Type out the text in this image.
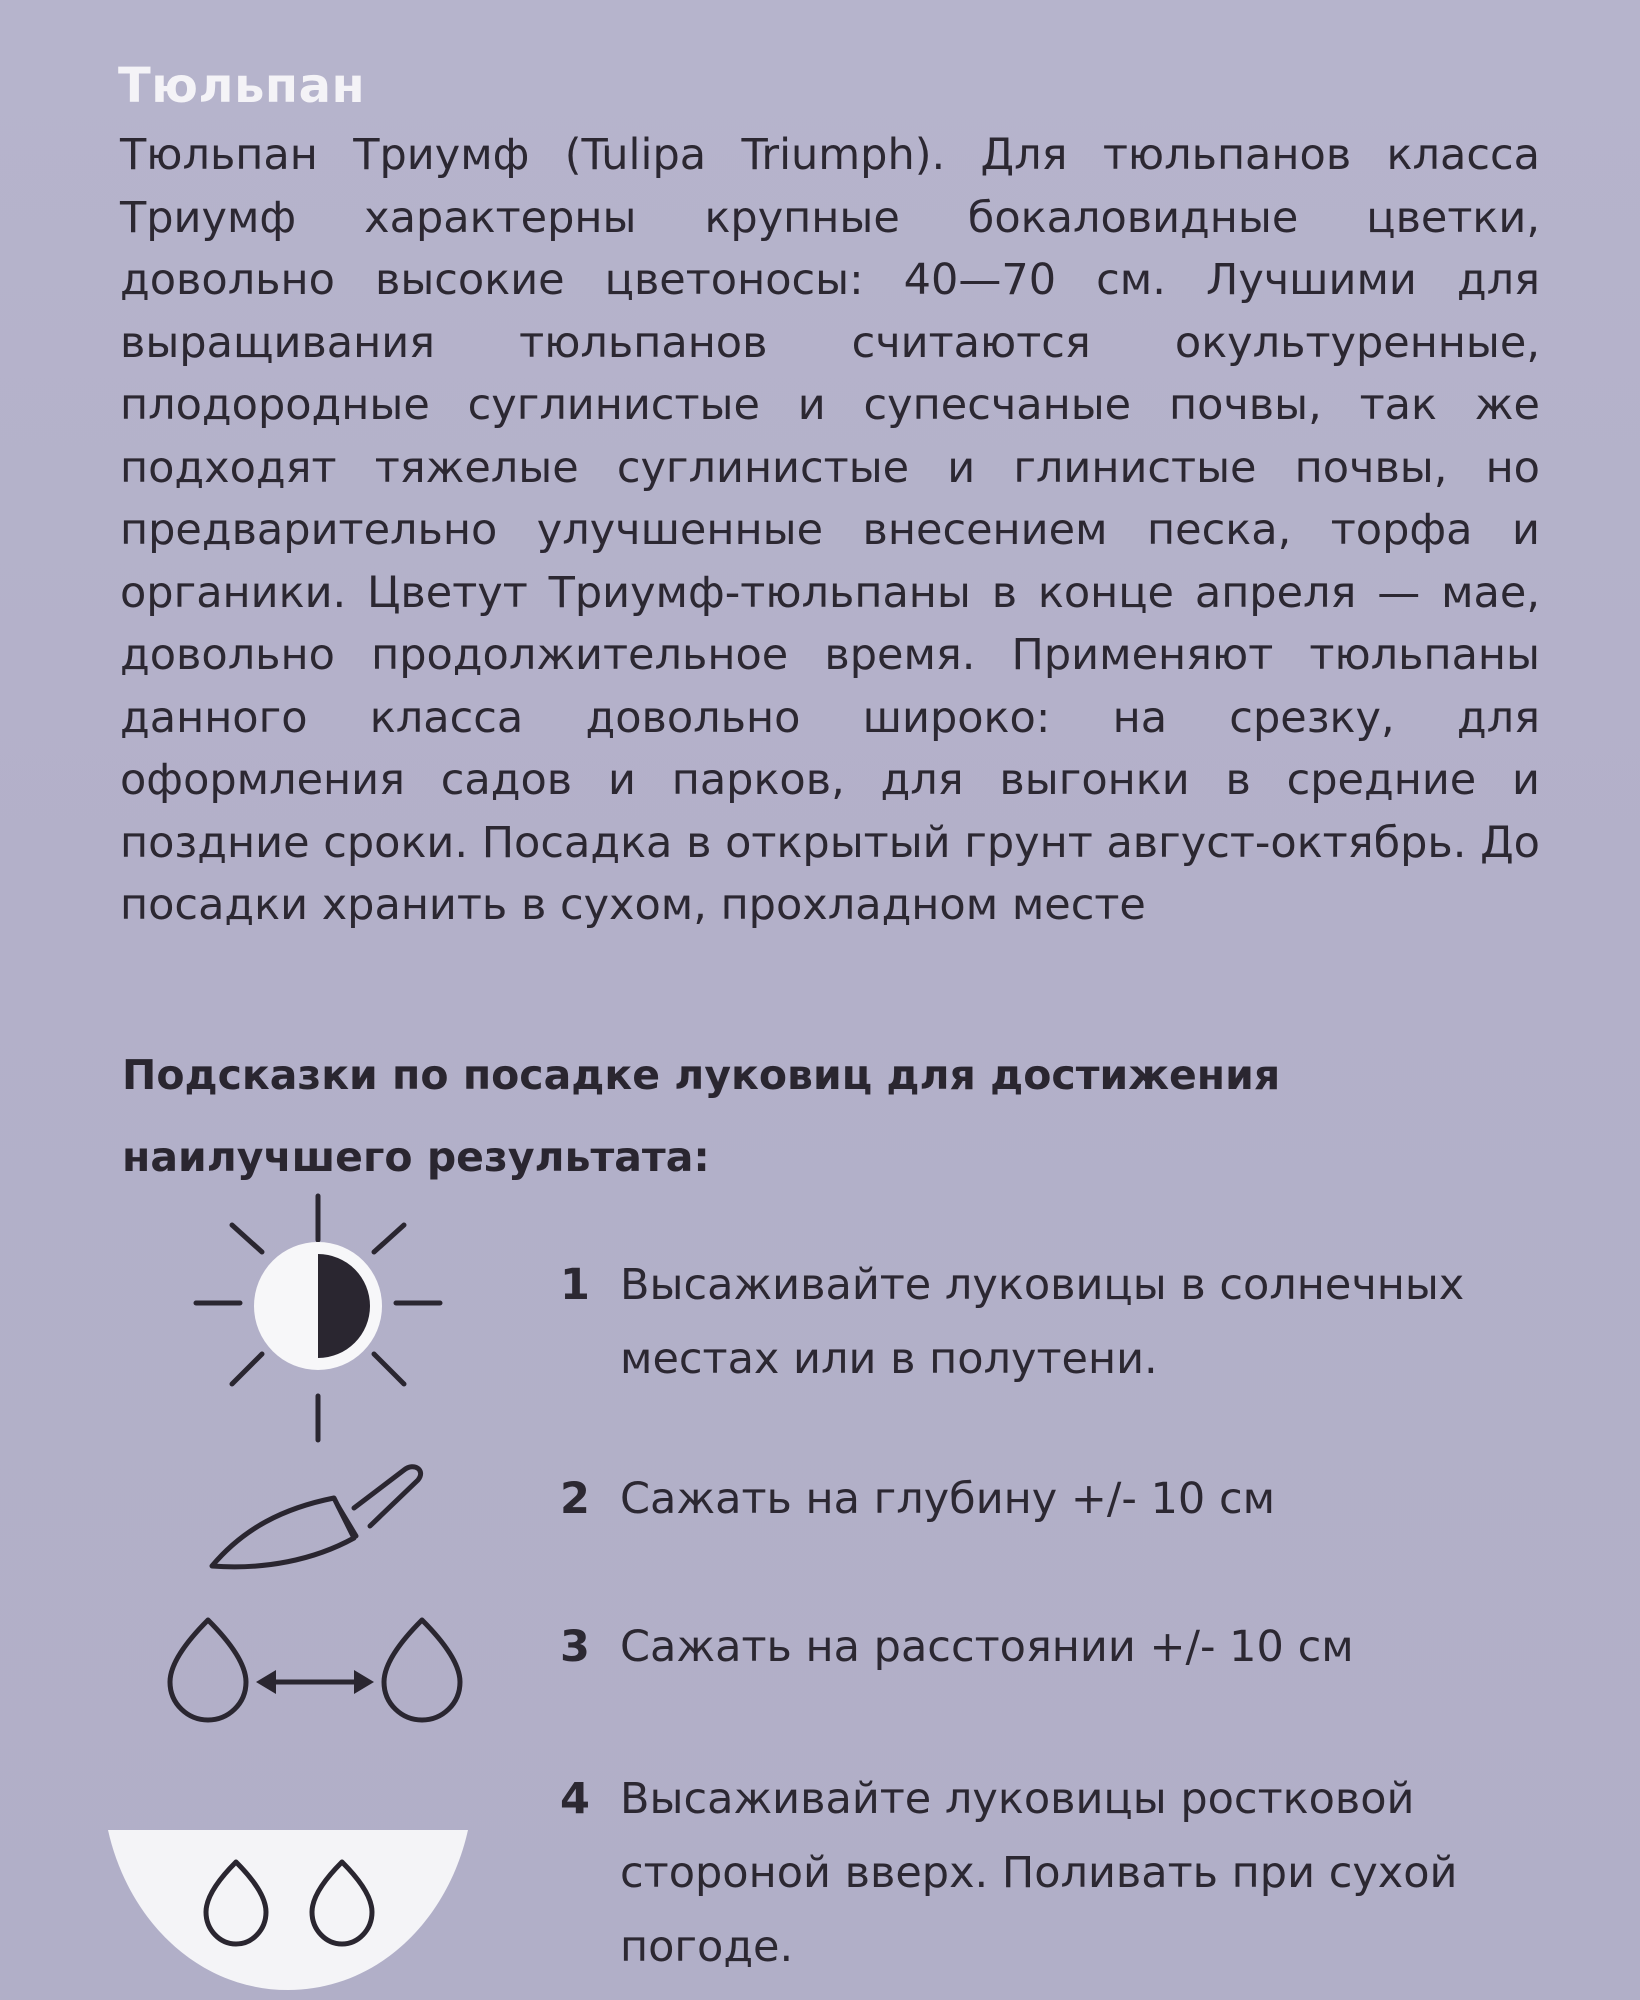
Тюльпан
Тюльпан Триумф (Tulipa Triumph). Для тюльпанов класса Триумф характерны крупные бокаловидные цветки, довольно высокие цветоносы: 40—70 см. Лучшими для выращивания тюльпанов считаются окультуренные, плодородные суглинистые и супесчаные почвы, так же подходят тяжелые суглинистые и глинистые почвы, но предварительно улучшенные внесением песка, торфа и органики. Цветут Триумф-тюльпаны в конце апреля — мае, довольно продолжительное время. Применяют тюльпаны данного класса довольно широко: на срезку, для оформления садов и парков, для выгонки в средние и поздние сроки. Посадка в открытый грунт август-октябрь. До посадки хранить в сухом, прохладном месте
Подсказки по посадке луковиц для достижения наилучшего результата:
1 Высаживайте луковицы в солнечных местах или в полутени.
2 Сажать на глубину +/- 10 см
3 Сажать на расстоянии +/- 10 см
4 Высаживайте луковицы ростковой стороной вверх. Поливать при сухой погоде.
